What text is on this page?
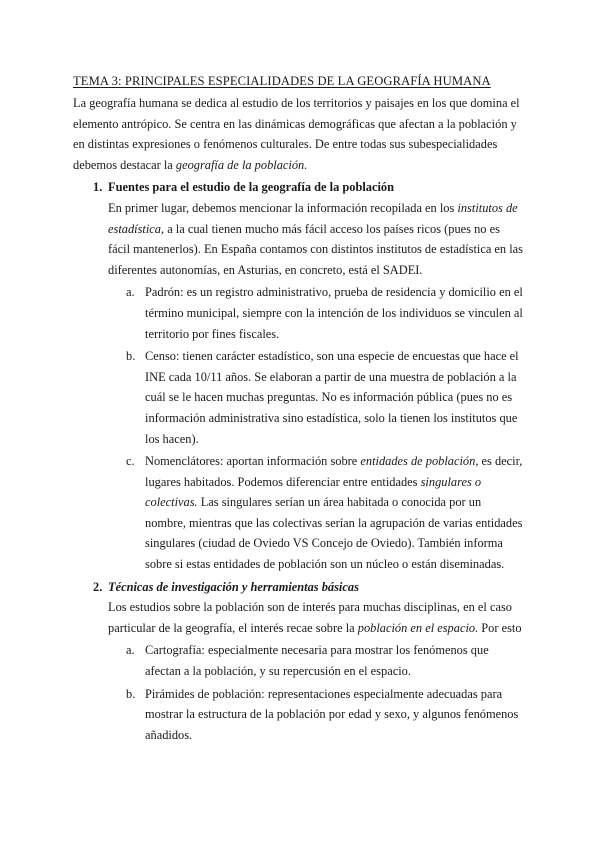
TEMA 3: PRINCIPALES ESPECIALIDADES DE LA GEOGRAFÍA HUMANA

La geografía humana se dedica al estudio de los territorios y paisajes en los que domina el elemento antrópico. Se centra en las dinámicas demográficas que afectan a la población y en distintas expresiones o fenómenos culturales. De entre todas sus subespecialidades debemos destacar la geografía de la población.

1. Fuentes para el estudio de la geografía de la población

En primer lugar, debemos mencionar la información recopilada en los institutos de estadística, a la cual tienen mucho más fácil acceso los países ricos (pues no es fácil mantenerlos). En España contamos con distintos institutos de estadística en las diferentes autonomías, en Asturias, en concreto, está el SADEI.

a. Padrón: es un registro administrativo, prueba de residencia y domicilio en el término municipal, siempre con la intención de los individuos se vinculen al territorio por fines fiscales.
b. Censo: tienen carácter estadístico, son una especie de encuestas que hace el INE cada 10/11 años. Se elaboran a partir de una muestra de población a la cuál se le hacen muchas preguntas. No es información pública (pues no es información administrativa sino estadística, solo la tienen los institutos que los hacen).
c. Nomenclátores: aportan información sobre entidades de población, es decir, lugares habitados. Podemos diferenciar entre entidades singulares o colectivas. Las singulares serían un área habitada o conocida por un nombre, mientras que las colectivas serían la agrupación de varias entidades singulares (ciudad de Oviedo VS Concejo de Oviedo). También informa sobre si estas entidades de población son un núcleo o están diseminadas.
2. Técnicas de investigación y herramientas básicas

Los estudios sobre la población son de interés para muchas disciplinas, en el caso particular de la geografía, el interés recae sobre la población en el espacio. Por esto

a. Cartografía: especialmente necesaria para mostrar los fenómenos que afectan a la población, y su repercusión en el espacio.
b. Pirámides de población: representaciones especialmente adecuadas para mostrar la estructura de la población por edad y sexo, y algunos fenómenos añadidos.
